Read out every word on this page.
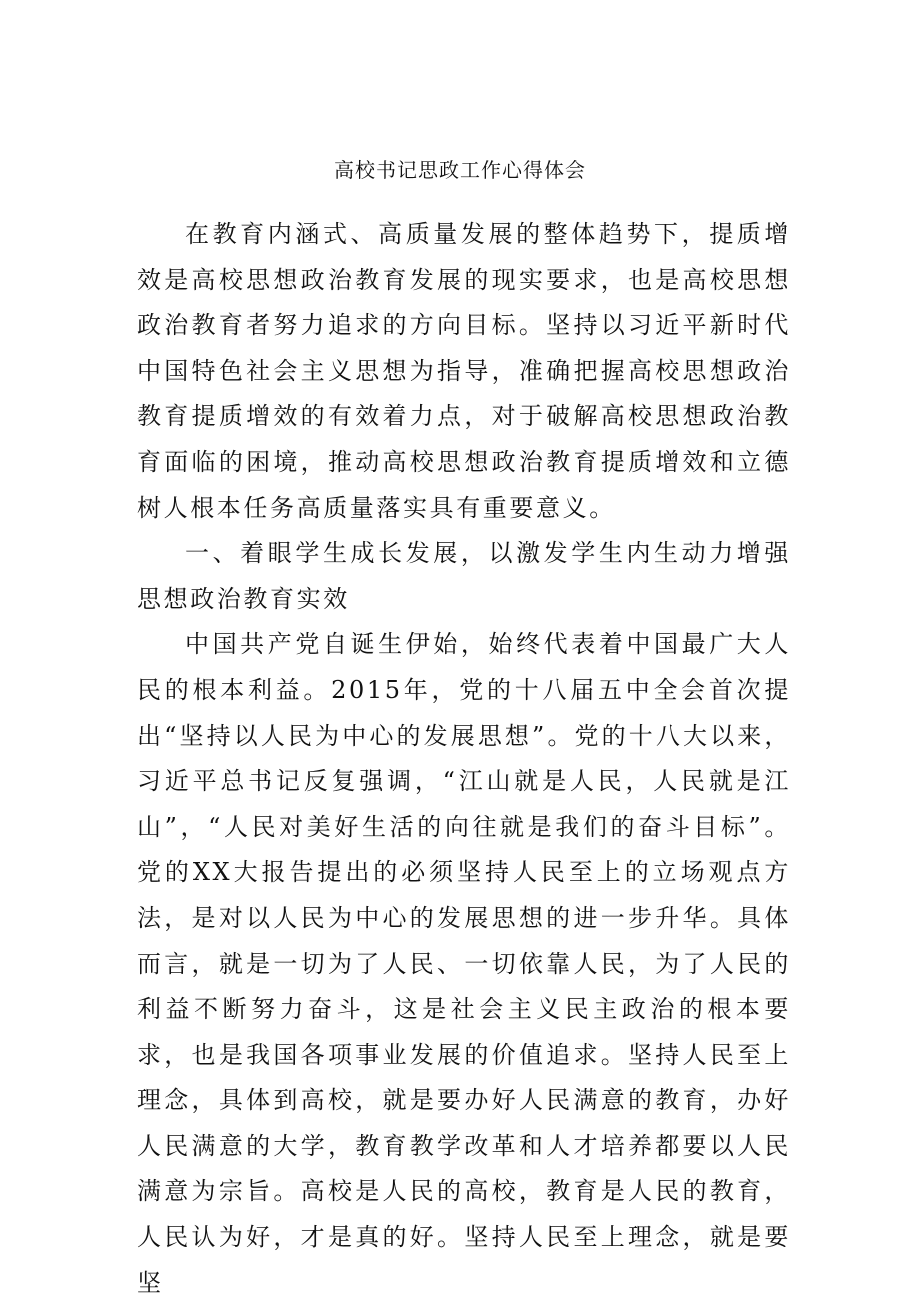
高校书记思政工作心得体会

在教育内涵式、高质量发展的整体趋势下，提质增效是高校思想政治教育发展的现实要求，也是高校思想政治教育者努力追求的方向目标。坚持以习近平新时代中国特色社会主义思想为指导，准确把握高校思想政治教育提质增效的有效着力点，对于破解高校思想政治教育面临的困境，推动高校思想政治教育提质增效和立德树人根本任务高质量落实具有重要意义。

一、着眼学生成长发展，以激发学生内生动力增强思想政治教育实效

中国共产党自诞生伊始，始终代表着中国最广大人民的根本利益。2015年，党的十八届五中全会首次提出“坚持以人民为中心的发展思想”。党的十八大以来，习近平总书记反复强调，“江山就是人民，人民就是江山”，“人民对美好生活的向往就是我们的奋斗目标”。党的XX大报告提出的必须坚持人民至上的立场观点方法，是对以人民为中心的发展思想的进一步升华。具体而言，就是一切为了人民、一切依靠人民，为了人民的利益不断努力奋斗，这是社会主义民主政治的根本要求，也是我国各项事业发展的价值追求。坚持人民至上理念，具体到高校，就是要办好人民满意的教育，办好人民满意的大学，教育教学改革和人才培养都要以人民满意为宗旨。高校是人民的高校，教育是人民的教育，人民认为好，才是真的好。坚持人民至上理念，就是要坚
